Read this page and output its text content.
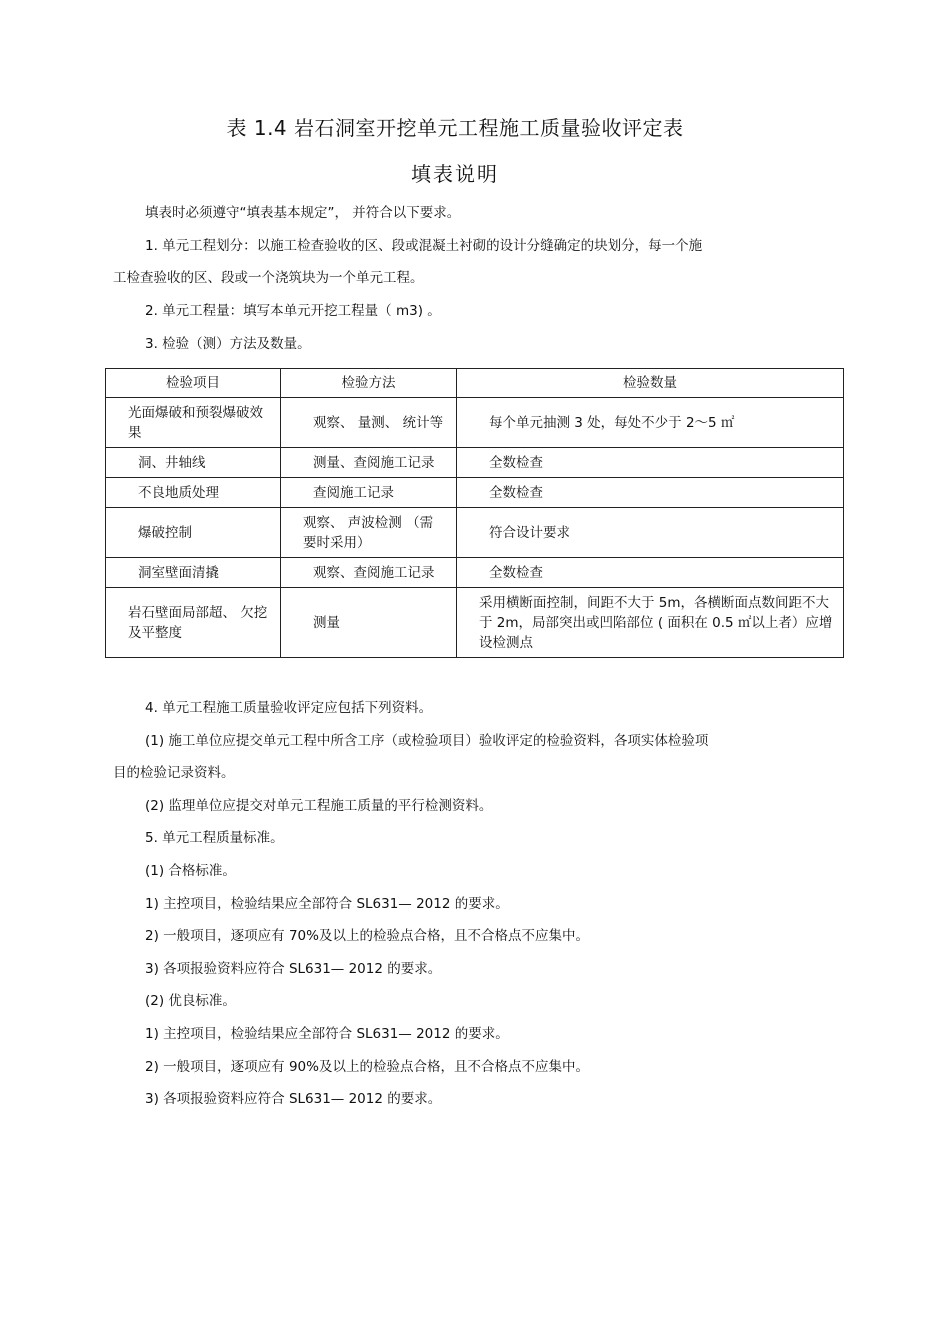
表 1.4 岩石洞室开挖单元工程施工质量验收评定表
填表说明
填表时必须遵守“填表基本规定”， 并符合以下要求。
1. 单元工程划分：以施工检查验收的区、段或混凝土衬砌的设计分缝确定的块划分，每一个施
工检查验收的区、段或一个浇筑块为一个单元工程。
2. 单元工程量：填写本单元开挖工程量（ m3) 。
3. 检验（测）方法及数量。
检验项目	检验方法	检验数量
光面爆破和预裂爆破效果	观察、 量测、 统计等	每个单元抽测 3 处，每处不少于 2～5 ㎡
洞、井轴线	测量、查阅施工记录	全数检查
不良地质处理	查阅施工记录	全数检查
爆破控制	观察、 声波检测 （需要时采用）	符合设计要求
洞室壁面清撬	观察、查阅施工记录	全数检查
岩石壁面局部超、 欠挖及平整度	测量	采用横断面控制，间距不大于 5m，各横断面点数间距不大于 2m，局部突出或凹陷部位 ( 面积在 0.5 ㎡以上者）应增设检测点
4. 单元工程施工质量验收评定应包括下列资料。
(1) 施工单位应提交单元工程中所含工序（或检验项目）验收评定的检验资料，各项实体检验项
目的检验记录资料。
(2) 监理单位应提交对单元工程施工质量的平行检测资料。
5. 单元工程质量标准。
(1) 合格标准。
1) 主控项目，检验结果应全部符合 SL631— 2012 的要求。
2) 一般项目，逐项应有 70%及以上的检验点合格，且不合格点不应集中。
3) 各项报验资料应符合 SL631— 2012 的要求。
(2) 优良标准。
1) 主控项目，检验结果应全部符合 SL631— 2012 的要求。
2) 一般项目，逐项应有 90%及以上的检验点合格，且不合格点不应集中。
3) 各项报验资料应符合 SL631— 2012 的要求。
